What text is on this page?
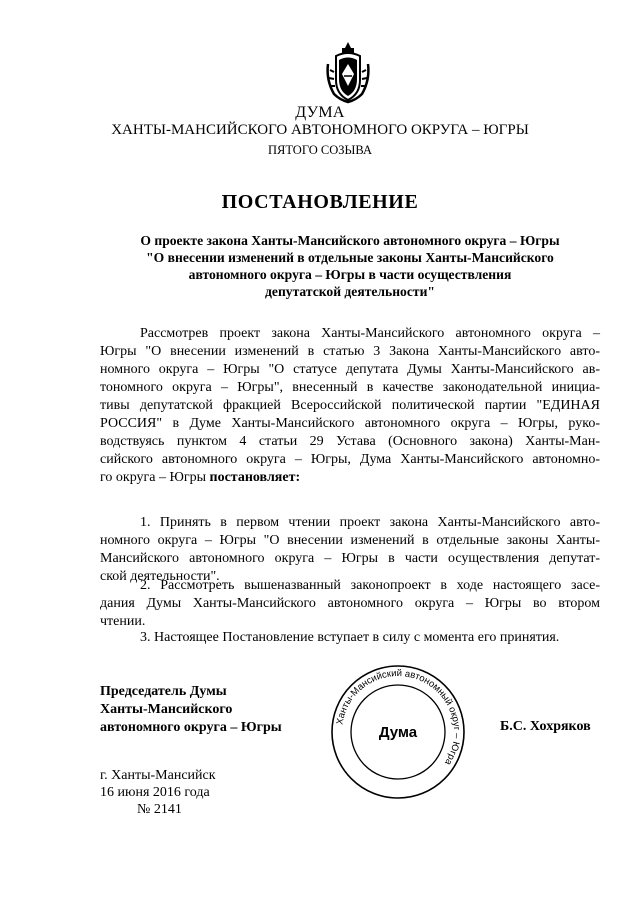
ДУМА
ХАНТЫ-МАНСИЙСКОГО АВТОНОМНОГО ОКРУГА – ЮГРЫ
ПЯТОГО СОЗЫВА
ПОСТАНОВЛЕНИЕ
О проекте закона Ханты-Мансийского автономного округа – Югры
"О внесении изменений в отдельные законы Ханты-Мансийского
автономного округа – Югры в части осуществления
депутатской деятельности"
Рассмотрев проект закона Ханты-Мансийского автономного округа –
Югры "О внесении изменений в статью 3 Закона Ханты-Мансийского авто-
номного округа – Югры "О статусе депутата Думы Ханты-Мансийского ав-
тономного округа – Югры", внесенный в качестве законодательной инициа-
тивы депутатской фракцией Всероссийской политической партии "ЕДИНАЯ
РОССИЯ" в Думе Ханты-Мансийского автономного округа – Югры, руко-
водствуясь пунктом 4 статьи 29 Устава (Основного закона) Ханты-Ман-
сийского автономного округа – Югры, Дума Ханты-Мансийского автономно-
го округа – Югры постановляет:
1. Принять в первом чтении проект закона Ханты-Мансийского авто-
номного округа – Югры "О внесении изменений в отдельные законы Ханты-
Мансийского автономного округа – Югры в части осуществления депутат-
ской деятельности".
2. Рассмотреть вышеназванный законопроект в ходе настоящего засе-
дания Думы Ханты-Мансийского автономного округа – Югры во втором
чтении.
3. Настоящее Постановление вступает в силу с момента его принятия.
Председатель Думы
Ханты-Мансийского
автономного округа – Югры	Ханты-Мансийский автономный округ – Югра
Дума	Б.С. Хохряков
г. Ханты-Мансийск
16 июня 2016 года
№ 2141
